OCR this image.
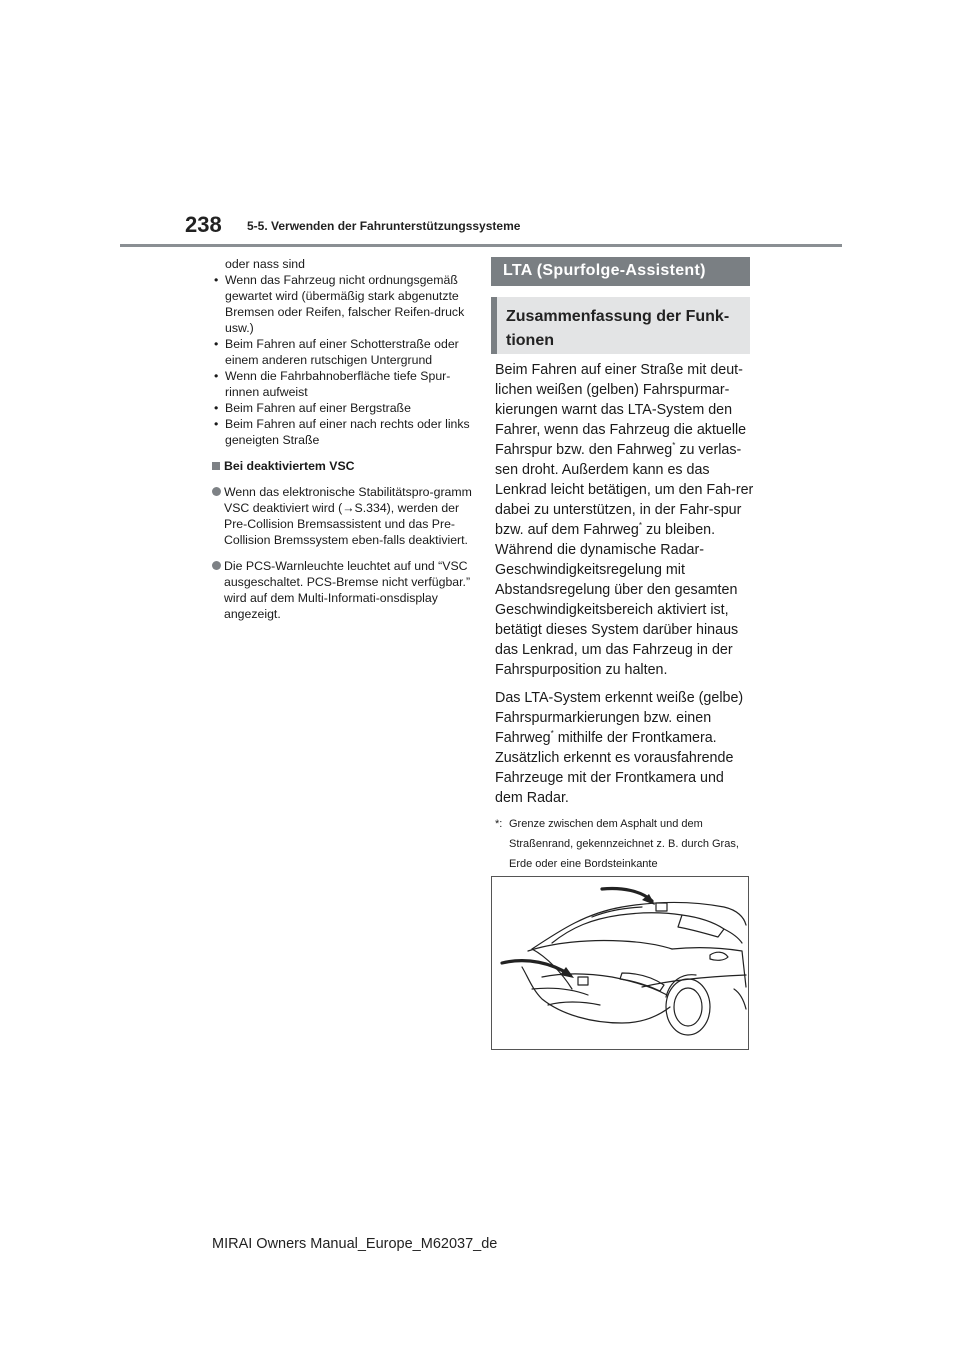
238 5-5. Verwenden der Fahrunterstützungssysteme
oder nass sind
• Wenn das Fahrzeug nicht ordnungsgemäß gewartet wird (übermäßig stark abgenutzte Bremsen oder Reifen, falscher Reifen-druck usw.)
• Beim Fahren auf einer Schotterstraße oder einem anderen rutschigen Untergrund
• Wenn die Fahrbahnoberfläche tiefe Spur-rinnen aufweist
• Beim Fahren auf einer Bergstraße
• Beim Fahren auf einer nach rechts oder links geneigten Straße
Bei deaktiviertem VSC
Wenn das elektronische Stabilitätspro-gramm VSC deaktiviert wird (→S.334), werden der Pre-Collision Bremsassistent und das Pre-Collision Bremssystem eben-falls deaktiviert.
Die PCS-Warnleuchte leuchtet auf und “VSC ausgeschaltet. PCS-Bremse nicht verfügbar.” wird auf dem Multi-Informati-onsdisplay angezeigt.
LTA (Spurfolge-Assistent)
Zusammenfassung der Funk-tionen

Beim Fahren auf einer Straße mit deut-lichen weißen (gelben) Fahrspurmar-kierungen warnt das LTA-System den Fahrer, wenn das Fahrzeug die aktuelle Fahrspur bzw. den Fahrweg* zu verlas-sen droht. Außerdem kann es das Lenkrad leicht betätigen, um den Fah-rer dabei zu unterstützen, in der Fahr-spur bzw. auf dem Fahrweg* zu bleiben. Während die dynamische Radar-Geschwindigkeitsregelung mit Abstandsregelung über den gesamten Geschwindigkeitsbereich aktiviert ist, betätigt dieses System darüber hinaus das Lenkrad, um das Fahrzeug in der Fahrspurposition zu halten.

Das LTA-System erkennt weiße (gelbe) Fahrspurmarkierungen bzw. einen Fahrweg* mithilfe der Frontkamera. Zusätzlich erkennt es vorausfahrende Fahrzeuge mit der Frontkamera und dem Radar.

*: Grenze zwischen dem Asphalt und dem Straßenrand, gekennzeichnet z. B. durch Gras, Erde oder eine Bordsteinkante
MIRAI Owners Manual_Europe_M62037_de
